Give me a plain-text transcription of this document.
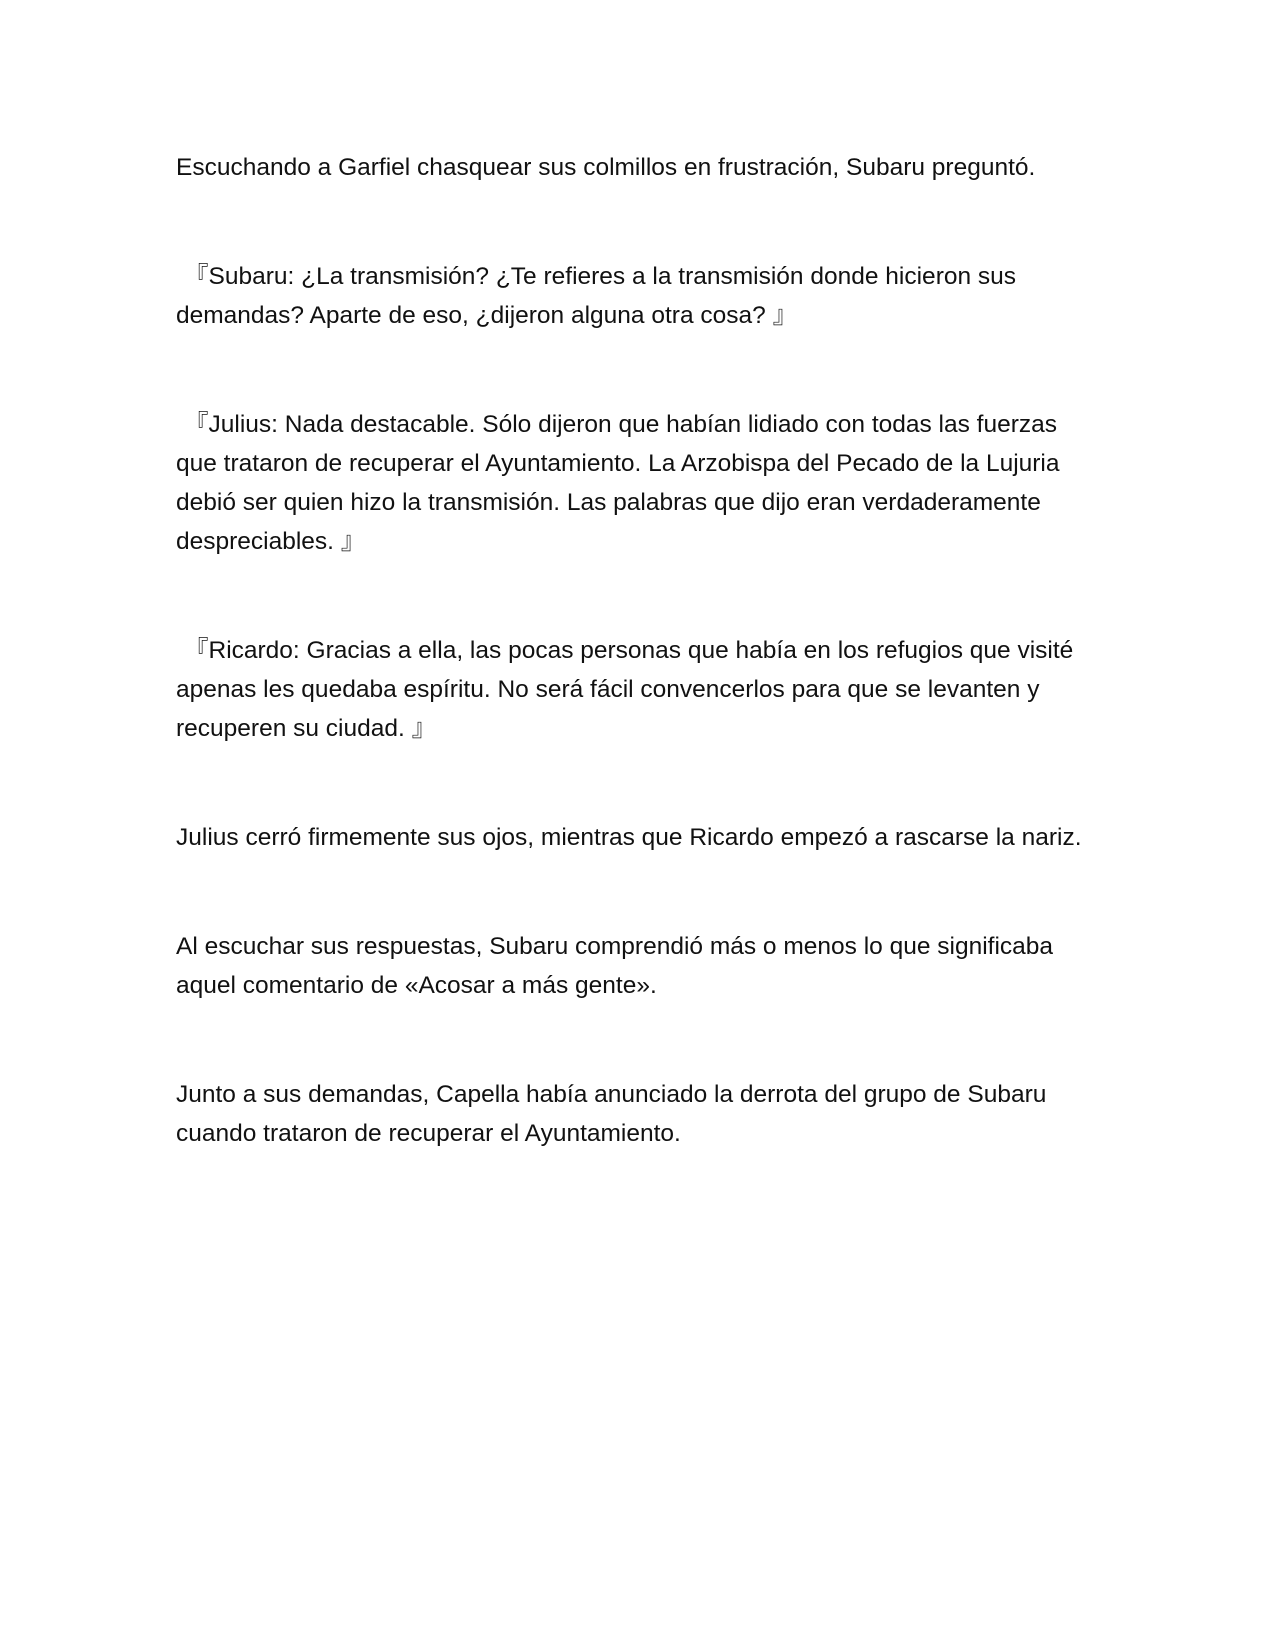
Escuchando a Garfiel chasquear sus colmillos en frustración, Subaru preguntó.

『Subaru: ¿La transmisión? ¿Te refieres a la transmisión donde hicieron sus demandas? Aparte de eso, ¿dijeron alguna otra cosa? 』

『Julius: Nada destacable. Sólo dijeron que habían lidiado con todas las fuerzas que trataron de recuperar el Ayuntamiento. La Arzobispa del Pecado de la Lujuria debió ser quien hizo la transmisión. Las palabras que dijo eran verdaderamente despreciables. 』

『Ricardo: Gracias a ella, las pocas personas que había en los refugios que visité apenas les quedaba espíritu. No será fácil convencerlos para que se levanten y recuperen su ciudad. 』

Julius cerró firmemente sus ojos, mientras que Ricardo empezó a rascarse la nariz.

Al escuchar sus respuestas, Subaru comprendió más o menos lo que significaba aquel comentario de «Acosar a más gente».

Junto a sus demandas, Capella había anunciado la derrota del grupo de Subaru cuando trataron de recuperar el Ayuntamiento.
